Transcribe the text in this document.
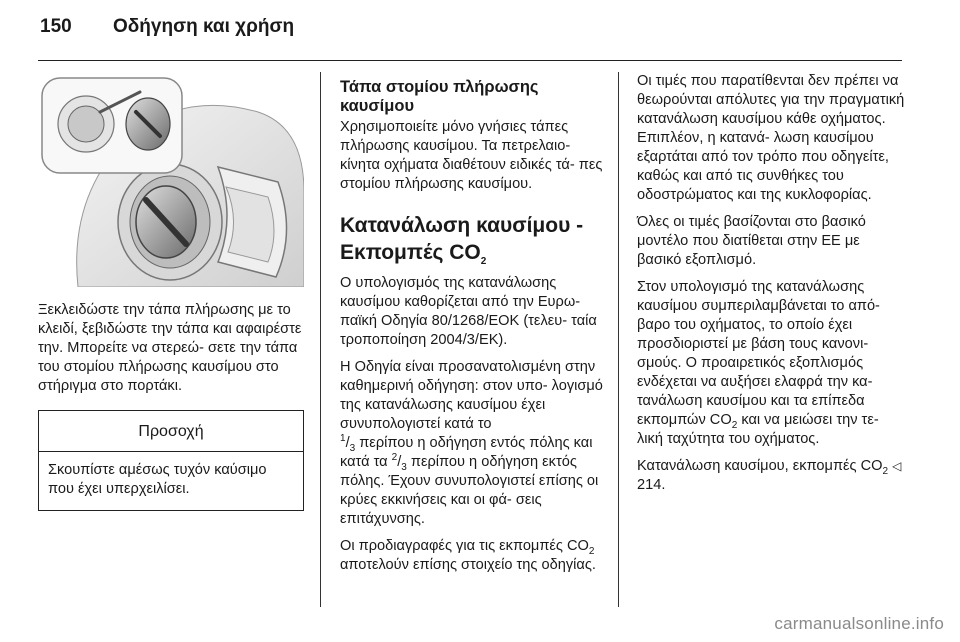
150	Οδήγηση και χρήση

Ξεκλειδώστε την τάπα πλήρωσης με το κλειδί, ξεβιδώστε την τάπα και αφαιρέστε την. Μπορείτε να στερεώ- σετε την τάπα του στομίου πλήρωσης καυσίμου στο στήριγμα στο πορτάκι.

Προσοχή

Σκουπίστε αμέσως τυχόν καύσιμο που έχει υπερχειλίσει.

Τάπα στομίου πλήρωσης καυσίμου

Χρησιμοποιείτε μόνο γνήσιες τάπες πλήρωσης καυσίμου. Τα πετρελαιο- κίνητα οχήματα διαθέτουν ειδικές τά- πες στομίου πλήρωσης καυσίμου.

Κατανάλωση καυσίμου - Εκπομπές $CO_2$

Ο υπολογισμός της κατανάλωσης καυσίμου καθορίζεται από την Ευρω- παϊκή Οδηγία 80/1268/ΕΟΚ (τελευ- ταία τροποποίηση 2004/3/ΕΚ).

Η Οδηγία είναι προσανατολισμένη στην καθημερινή οδήγηση: στον υπο- λογισμό της κατανάλωσης καυσίμου έχει συνυπολογιστεί κατά το
$^1/_3$ περίπου η οδήγηση εντός πόλης και κατά τα $^2/_3$ περίπου η οδήγηση εκτός πόλης. Έχουν συνυπολογιστεί επίσης οι κρύες εκκινήσεις και οι φά- σεις επιτάχυνσης.

Οι προδιαγραφές για τις εκπομπές $CO_2$ αποτελούν επίσης στοιχείο της οδηγίας.

Οι τιμές που παρατίθενται δεν πρέπει να θεωρούνται απόλυτες για την πραγματική κατανάλωση καυσίμου κάθε οχήματος. Επιπλέον, η κατανά- λωση καυσίμου εξαρτάται από τον τρόπο που οδηγείτε, καθώς και από τις συνθήκες του οδοστρώματος και της κυκλοφορίας.

Όλες οι τιμές βασίζονται στο βασικό μοντέλο που διατίθεται στην ΕΕ με βασικό εξοπλισμό.

Στον υπολογισμό της κατανάλωσης καυσίμου συμπεριλαμβάνεται το από- βαρο του οχήματος, το οποίο έχει προσδιοριστεί με βάση τους κανονι- σμούς. Ο προαιρετικός εξοπλισμός ενδέχεται να αυξήσει ελαφρά την κα- τανάλωση καυσίμου και τα επίπεδα εκπομπών $CO_2$ και να μειώσει την τε- λική ταχύτητα του οχήματος.

Κατανάλωση καυσίμου, εκπομπές $CO_2$ ◁ 214.

carmanualsonline.info
